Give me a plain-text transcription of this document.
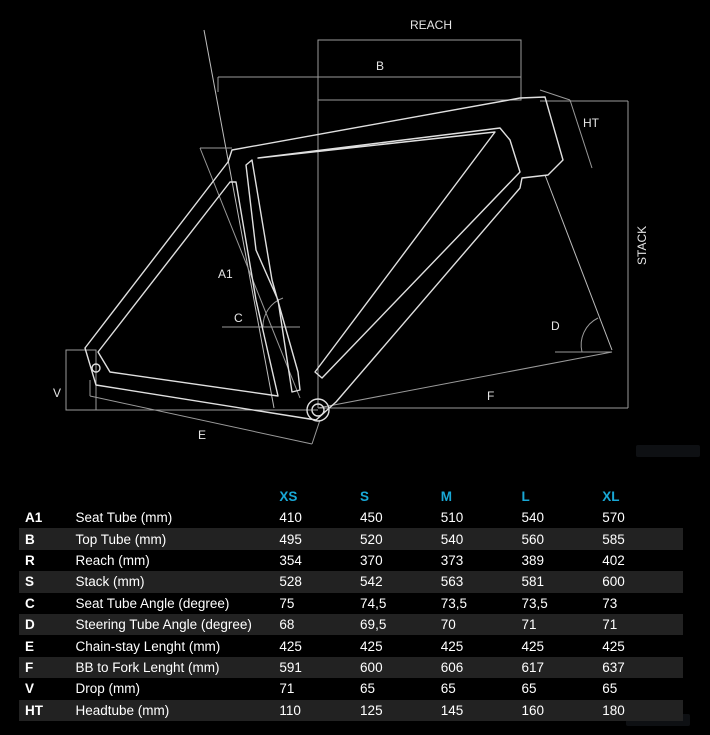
REACH
B
HT
STACK
A1
C
D
V
E
F
		XS	S	M	L	XL
A1	Seat Tube (mm)	410	450	510	540	570
B	Top Tube (mm)	495	520	540	560	585
R	Reach (mm)	354	370	373	389	402
S	Stack (mm)	528	542	563	581	600
C	Seat Tube Angle (degree)	75	74,5	73,5	73,5	73
D	Steering Tube Angle (degree)	68	69,5	70	71	71
E	Chain-stay Lenght (mm)	425	425	425	425	425
F	BB to Fork Lenght (mm)	591	600	606	617	637
V	Drop (mm)	71	65	65	65	65
HT	Headtube (mm)	110	125	145	160	180
